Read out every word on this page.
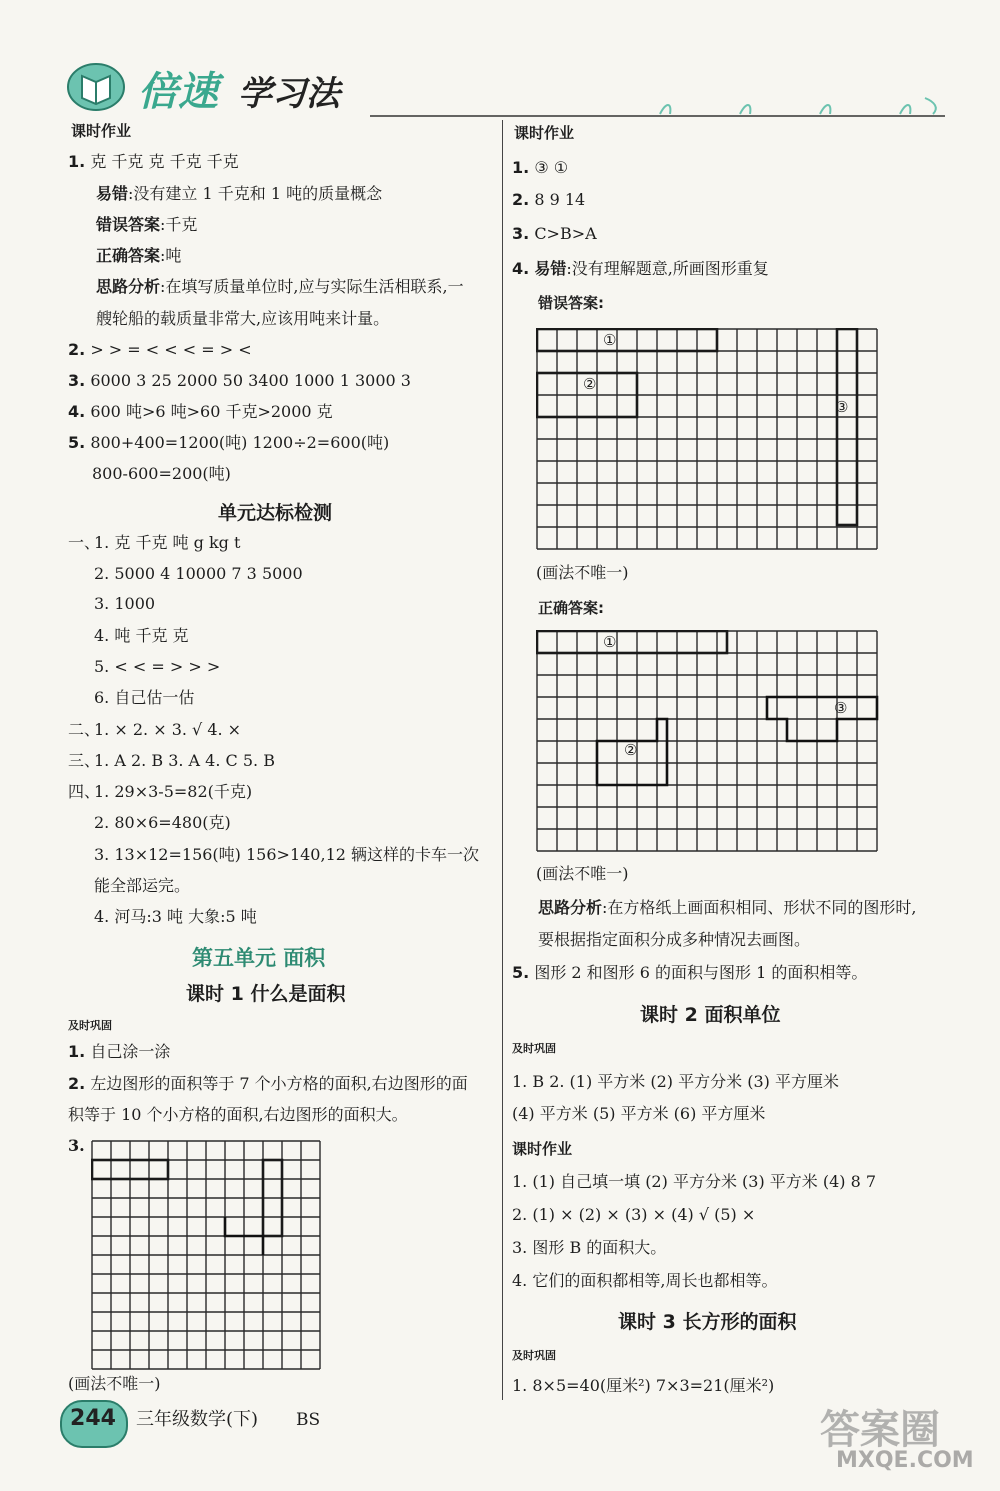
倍速 学习法
课时作业
1. 克 千克 克 千克 千克
易错:没有建立 1 千克和 1 吨的质量概念
错误答案:千克
正确答案:吨
思路分析:在填写质量单位时,应与实际生活相联系,一
艘轮船的载质量非常大,应该用吨来计量。
2. > > = < < < = > <
3. 6000 3 25 2000 50 3400 1000 1 3000 3
4. 600 吨>6 吨>60 千克>2000 克
5. 800+400=1200(吨) 1200÷2=600(吨)
800-600=200(吨)
单元达标检测
一、
1. 克 千克 吨 g kg t
2. 5000 4 10000 7 3 5000
3. 1000
4. 吨 千克 克
5. < < = > > >
6. 自己估一估
二、
1. × 2. × 3. √ 4. ×
三、
1. A 2. B 3. A 4. C 5. B
四、
1. 29×3-5=82(千克)
2. 80×6=480(克)
3. 13×12=156(吨) 156>140,12 辆这样的卡车一次
能全部运完。
4. 河马:3 吨 大象:5 吨
第五单元 面积
课时 1 什么是面积
及时巩固
1. 自己涂一涂
2. 左边图形的面积等于 7 个小方格的面积,右边图形的面
积等于 10 个小方格的面积,右边图形的面积大。
3.
(画法不唯一)
课时作业
1. ③ ①
2. 8 9 14
3. C>B>A
4. 易错:没有理解题意,所画图形重复
错误答案:
①
②
③
(画法不唯一)
正确答案:
①
②
③
(画法不唯一)
思路分析:在方格纸上画面积相同、形状不同的图形时,
要根据指定面积分成多种情况去画图。
5. 图形 2 和图形 6 的面积与图形 1 的面积相等。
课时 2 面积单位
及时巩固
1. B 2. (1) 平方米 (2) 平方分米 (3) 平方厘米
(4) 平方米 (5) 平方米 (6) 平方厘米
课时作业
1. (1) 自己填一填 (2) 平方分米 (3) 平方米 (4) 8 7
2. (1) × (2) × (3) × (4) √ (5) ×
3. 图形 B 的面积大。
4. 它们的面积都相等,周长也都相等。
课时 3 长方形的面积
及时巩固
1. 8×5=40(厘米²) 7×3=21(厘米²)
244	三年级数学(下) BS	答案圈
MXQE.COM
